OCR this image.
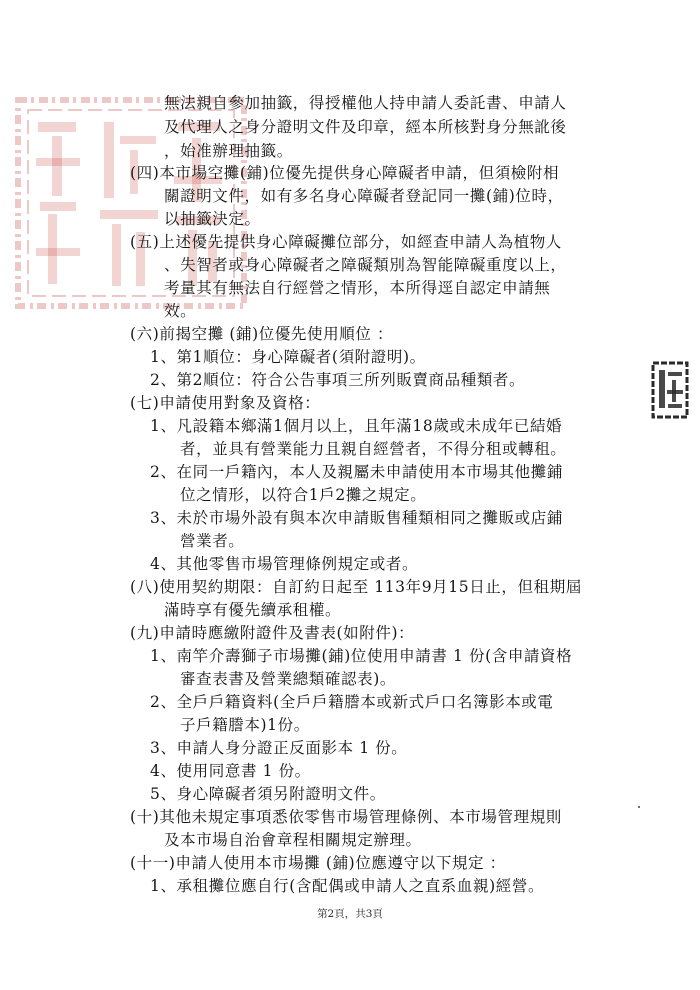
無法親自參加抽籤，得授權他人持申請人委託書、申請人
及代理人之身分證明文件及印章，經本所核對身分無訛後
，始准辦理抽籤。
(四)本市場空攤(鋪)位優先提供身心障礙者申請，但須檢附相
關證明文件，如有多名身心障礙者登記同一攤(鋪)位時，
以抽籤決定。
(五)上述優先提供身心障礙攤位部分，如經查申請人為植物人
、失智者或身心障礙者之障礙類別為智能障礙重度以上，
考量其有無法自行經營之情形，本所得逕自認定申請無
效。
(六)前揭空攤 (鋪)位優先使用順位 ：
1、第1順位：身心障礙者(須附證明)。
2、第2順位：符合公告事項三所列販賣商品種類者。
(七)申請使用對象及資格：
1、凡設籍本鄉滿1個月以上，且年滿18歲或未成年已結婚
者，並具有營業能力且親自經營者，不得分租或轉租。
2、在同一戶籍內，本人及親屬未申請使用本市場其他攤鋪
位之情形，以符合1戶2攤之規定。
3、未於市場外設有與本次申請販售種類相同之攤販或店鋪
營業者。
4、其他零售市場管理條例規定或者。
(八)使用契約期限：自訂約日起至 113年9月15日止，但租期屆
滿時享有優先續承租權。
(九)申請時應繳附證件及書表(如附件)：
1、南竿介壽獅子市場攤(鋪)位使用申請書 1 份(含申請資格
審查表書及營業總類確認表)。
2、全戶戶籍資料(全戶戶籍謄本或新式戶口名簿影本或電
子戶籍謄本)1份。
3、申請人身分證正反面影本 1 份。
4、使用同意書 1 份。
5、身心障礙者須另附證明文件。
(十)其他未規定事項悉依零售市場管理條例、本市場管理規則
及本市場自治會章程相關規定辦理。
(十一)申請人使用本市場攤 (鋪)位應遵守以下規定 ：
1、承租攤位應自行(含配偶或申請人之直系血親)經營。
第2頁，共3頁
